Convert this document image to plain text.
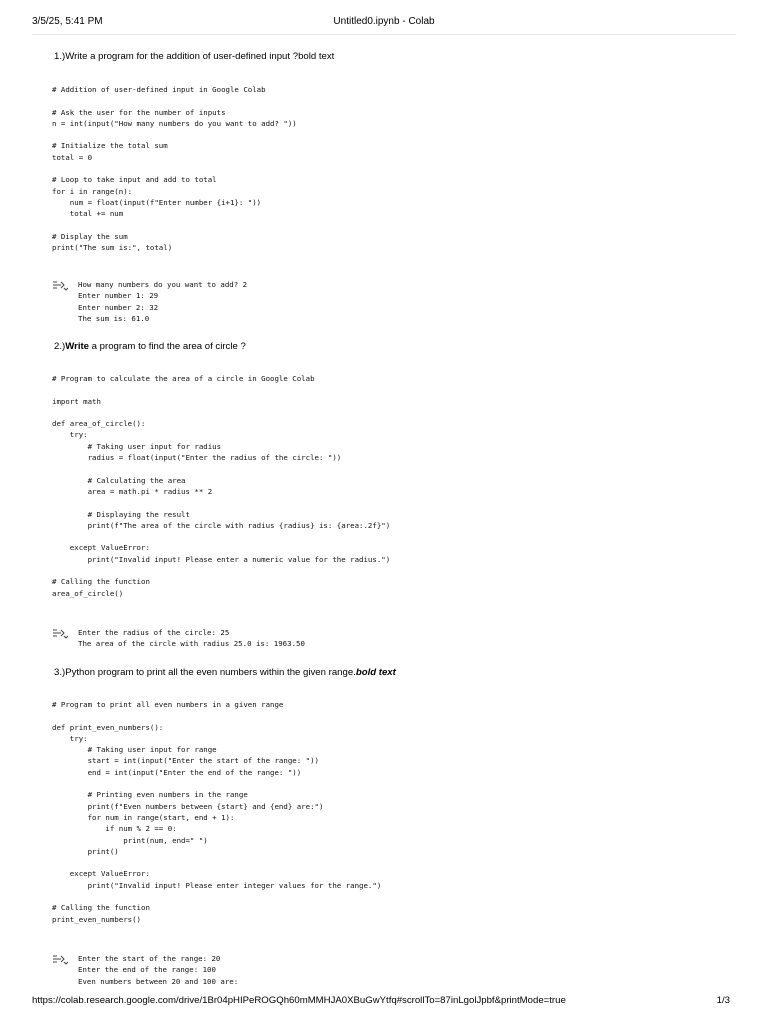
3/5/25, 5:41 PM	Untitled0.ipynb - Colab
1.)Write a program for the addition of user-defined input ?bold text
# Addition of user-defined input in Google Colab

# Ask the user for the number of inputs
n = int(input("How many numbers do you want to add? "))

# Initialize the total sum
total = 0

# Loop to take input and add to total
for i in range(n):
num = float(input(f"Enter number {i+1}: "))
total += num

# Display the sum
print("The sum is:", total)
How many numbers do you want to add? 2
Enter number 1: 29
Enter number 2: 32
The sum is: 61.0
2.)Write a program to find the area of circle ?
# Program to calculate the area of a circle in Google Colab

import math

def area_of_circle():
try:
# Taking user input for radius
radius = float(input("Enter the radius of the circle: "))

# Calculating the area
area = math.pi * radius ** 2

# Displaying the result
print(f"The area of the circle with radius {radius} is: {area:.2f}")

except ValueError:
print("Invalid input! Please enter a numeric value for the radius.")

# Calling the function
area_of_circle()
Enter the radius of the circle: 25
The area of the circle with radius 25.0 is: 1963.50
3.)Python program to print all the even numbers within the given range.bold text
# Program to print all even numbers in a given range

def print_even_numbers():
try:
# Taking user input for range
start = int(input("Enter the start of the range: "))
end = int(input("Enter the end of the range: "))

# Printing even numbers in the range
print(f"Even numbers between {start} and {end} are:")
for num in range(start, end + 1):
if num % 2 == 0:
print(num, end=" ")
print()

except ValueError:
print("Invalid input! Please enter integer values for the range.")

# Calling the function
print_even_numbers()
Enter the start of the range: 20
Enter the end of the range: 100
Even numbers between 20 and 100 are:
https://colab.research.google.com/drive/1Br04pHIPeROGQh60mMMHJA0XBuGwYtfq#scrollTo=87inLgolJpbf&printMode=true	1/3
